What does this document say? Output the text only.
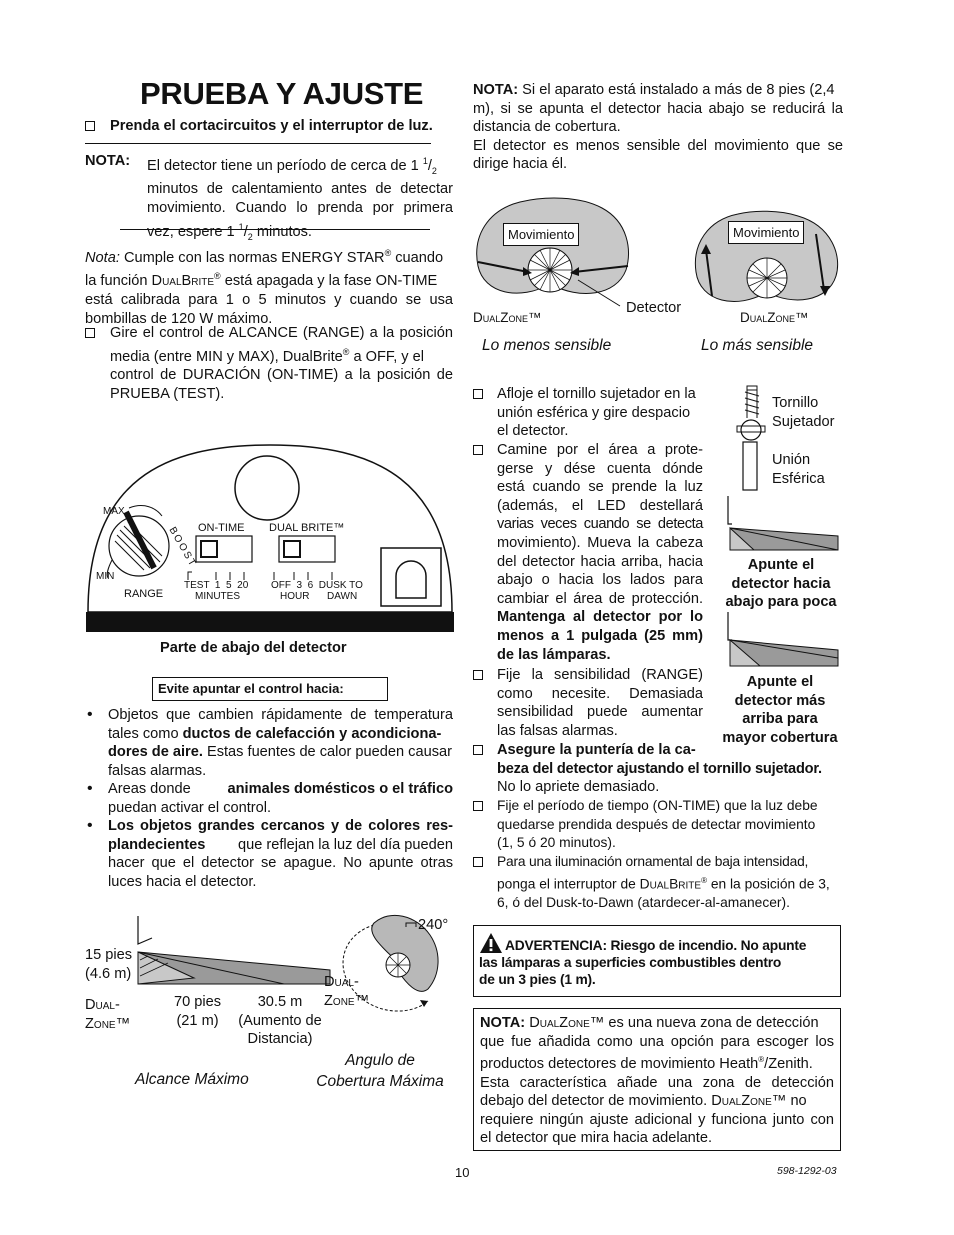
PRUEBA Y AJUSTE
Prenda el cortacircuitos y el interruptor de luz.
NOTA: El detector tiene un período de cerca de 1 $^1/_2$
minutos de calentamiento antes de detectar
movimiento. Cuando lo prenda por primera
vez, espere 1 $^1/_2$ minutos.
Nota: Cumple con las normas ENERGY STAR® cuando
la función DualBrite® está apagada y la fase ON-TIME
está calibrada para 1 o 5 minutos y cuando se usa
bombillas de 120 W máximo.
Gire el control de ALCANCE (RANGE) a la posición
media (entre MIN y MAX), DualBrite® a OFF, y el
control de DURACIÓN (ON-TIME) a la posición de
PRUEBA (TEST).
MAX
MIN
BOOST
RANGE
ON-TIME DUAL BRITE™
TEST  1  5  20
MINUTES
OFF  3  6  DUSK TO
HOUR DAWN
Parte de abajo del detector
Evite apuntar el control hacia:
• Objetos que cambien rápidamente de temperatura
tales como ductos de calefacción y acondiciona-
dores de aire. Estas fuentes de calor pueden causar
falsas alarmas.
• Areas donde	animales domésticos o el tráfico
puedan activar el control.
• Los objetos grandes cercanos y de colores res-
plandecientes que reflejan la luz del día pueden
hacer que el detector se apague. No apunte otras
luces hacia el detector.
15 pies
(4.6 m)
Dual-
Zone™
70 pies
(21 m)
30.5 m
(Aumento de
Distancia)
Alcance Máximo
240°
Dual-
Zone™
Angulo de
Cobertura Máxima
NOTA: Si el aparato está instalado a más de 8 pies (2,4
m), si se apunta el detector hacia abajo se reducirá la
distancia de cobertura.
El detector es menos sensible del movimiento que se
dirige hacia él.
Movimiento	Movimiento
Detector
DualZone™	DualZone™
Lo menos sensible	Lo más sensible
Afloje el tornillo sujetador en la
unión esférica y gire despacio
el detector.
Camine por el área a prote-
gerse y dése cuenta dónde
está cuando se prende la luz
(además, el LED destellará
varias veces cuando se detecta
movimiento). Mueva la cabeza
del detector hacia arriba, hacia
abajo o hacia los lados para
cambiar el área de protección.
Mantenga al detector por lo
menos a 1 pulgada (25 mm)
de las lámparas.
Fije la sensibilidad (RANGE)
como necesite. Demasiada
sensibilidad puede aumentar
las falsas alarmas.
Asegure la puntería de la ca-
beza del detector ajustando el tornillo sujetador.
No lo apriete demasiado.
Fije el período de tiempo (ON-TIME) que la luz debe
quedarse prendida después de detectar movimiento
(1, 5 ó 20 minutos).
Para una iluminación ornamental de baja intensidad,
ponga el interruptor de DualBrite® en la posición de 3,
6, ó del Dusk-to-Dawn (atardecer-al-amanecer).
Tornillo
Sujetador
Unión
Esférica
Apunte el
detector hacia
abajo para poca
Apunte el
detector más
arriba para
mayor cobertura
ADVERTENCIA: Riesgo de incendio. No apunte
las lámparas a superficies combustibles dentro
de un 3 pies (1 m).
NOTA: DualZone™ es una nueva zona de detección
que fue añadida como una opción para escoger los
productos detectores de movimiento Heath®/Zenith.
Esta característica añade una zona de detección
debajo del detector de movimiento. DualZone™ no
requiere ningún ajuste adicional y funciona junto con
el detector que mira hacia adelante.
10	598-1292-03
